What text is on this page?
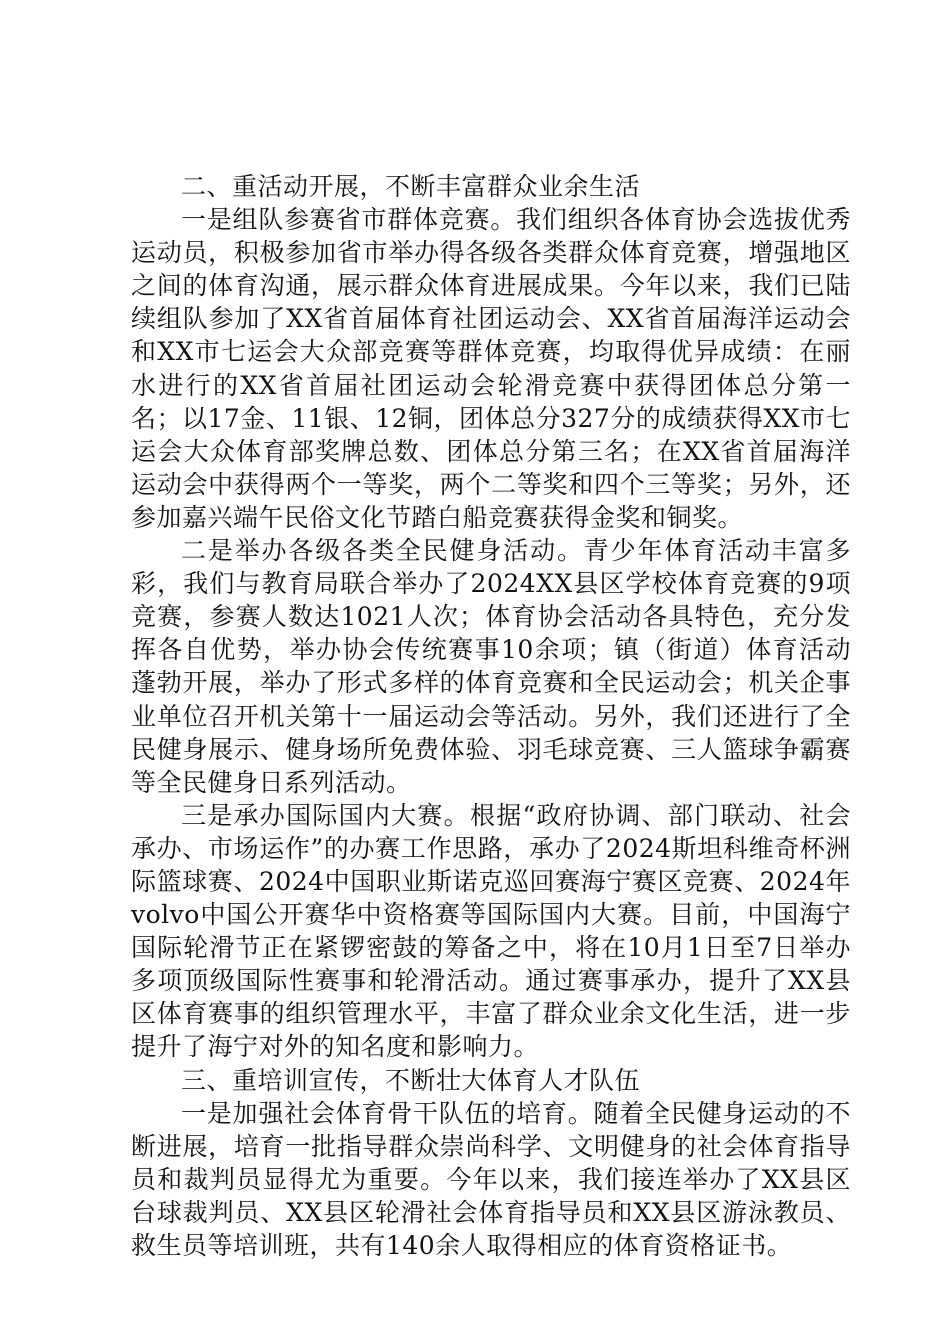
二、重活动开展，不断丰富群众业余生活

一是组队参赛省市群体竞赛。我们组织各体育协会选拔优秀运动员，积极参加省市举办得各级各类群众体育竞赛，增强地区之间的体育沟通，展示群众体育进展成果。今年以来，我们已陆续组队参加了XX省首届体育社团运动会、XX省首届海洋运动会和XX市七运会大众部竞赛等群体竞赛，均取得优异成绩：在丽水进行的XX省首届社团运动会轮滑竞赛中获得团体总分第一名；以17金、11银、12铜，团体总分327分的成绩获得XX市七运会大众体育部奖牌总数、团体总分第三名；在XX省首届海洋运动会中获得两个一等奖，两个二等奖和四个三等奖；另外，还参加嘉兴端午民俗文化节踏白船竞赛获得金奖和铜奖。

二是举办各级各类全民健身活动。青少年体育活动丰富多彩，我们与教育局联合举办了2024XX县区学校体育竞赛的9项竞赛，参赛人数达1021人次；体育协会活动各具特色，充分发挥各自优势，举办协会传统赛事10余项；镇（街道）体育活动蓬勃开展，举办了形式多样的体育竞赛和全民运动会；机关企事业单位召开机关第十一届运动会等活动。另外，我们还进行了全民健身展示、健身场所免费体验、羽毛球竞赛、三人篮球争霸赛等全民健身日系列活动。

三是承办国际国内大赛。根据“政府协调、部门联动、社会承办、市场运作”的办赛工作思路，承办了2024斯坦科维奇杯洲际篮球赛、2024中国职业斯诺克巡回赛海宁赛区竞赛、2024年volvo中国公开赛华中资格赛等国际国内大赛。目前，中国海宁国际轮滑节正在紧锣密鼓的筹备之中，将在10月1日至7日举办多项顶级国际性赛事和轮滑活动。通过赛事承办，提升了XX县区体育赛事的组织管理水平，丰富了群众业余文化生活，进一步提升了海宁对外的知名度和影响力。

三、重培训宣传，不断壮大体育人才队伍

一是加强社会体育骨干队伍的培育。随着全民健身运动的不断进展，培育一批指导群众崇尚科学、文明健身的社会体育指导员和裁判员显得尤为重要。今年以来，我们接连举办了XX县区台球裁判员、XX县区轮滑社会体育指导员和XX县区游泳教员、救生员等培训班，共有140余人取得相应的体育资格证书。
